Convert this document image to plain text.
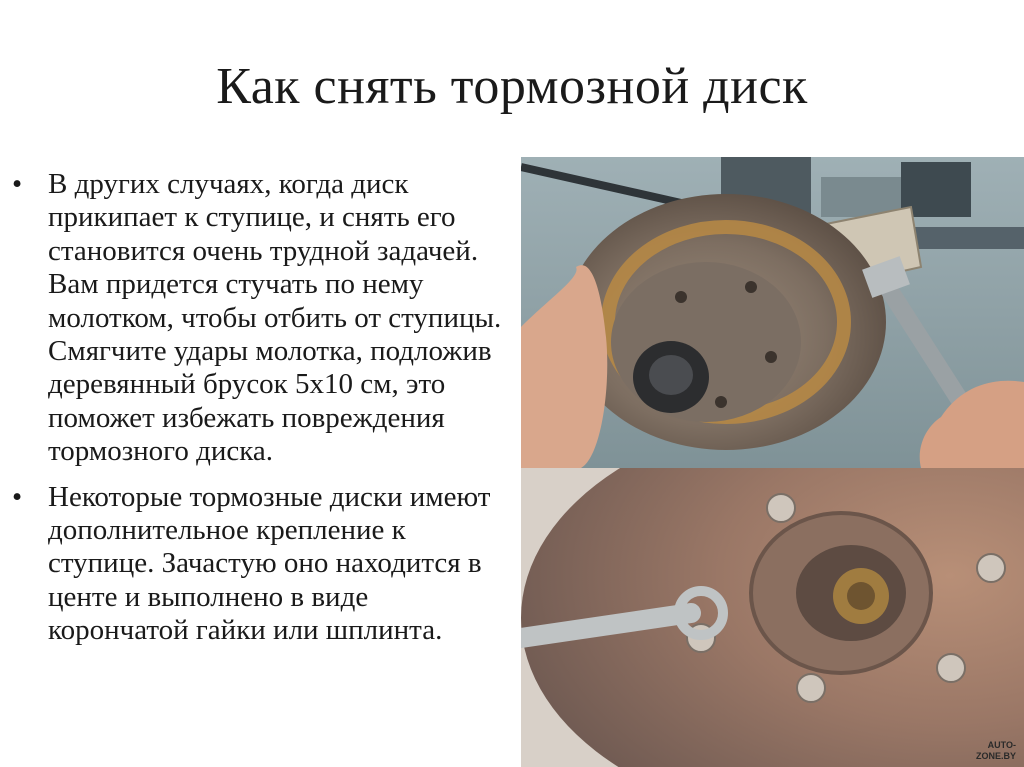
Как снять тормозной диск
• В других случаях, когда диск прикипает к ступице, и снять его становится очень трудной задачей. Вам придется стучать по нему молотком, чтобы отбить от ступицы. Смягчите удары молотка, подложив деревянный брусок 5х10 см, это поможет избежать повреждения тормозного диска.
• Некоторые тормозные диски имеют дополнительное крепление к ступице. Зачастую оно находится в центе и выполнено в виде корончатой гайки или шплинта.
AUTO-
ZONE.BY
